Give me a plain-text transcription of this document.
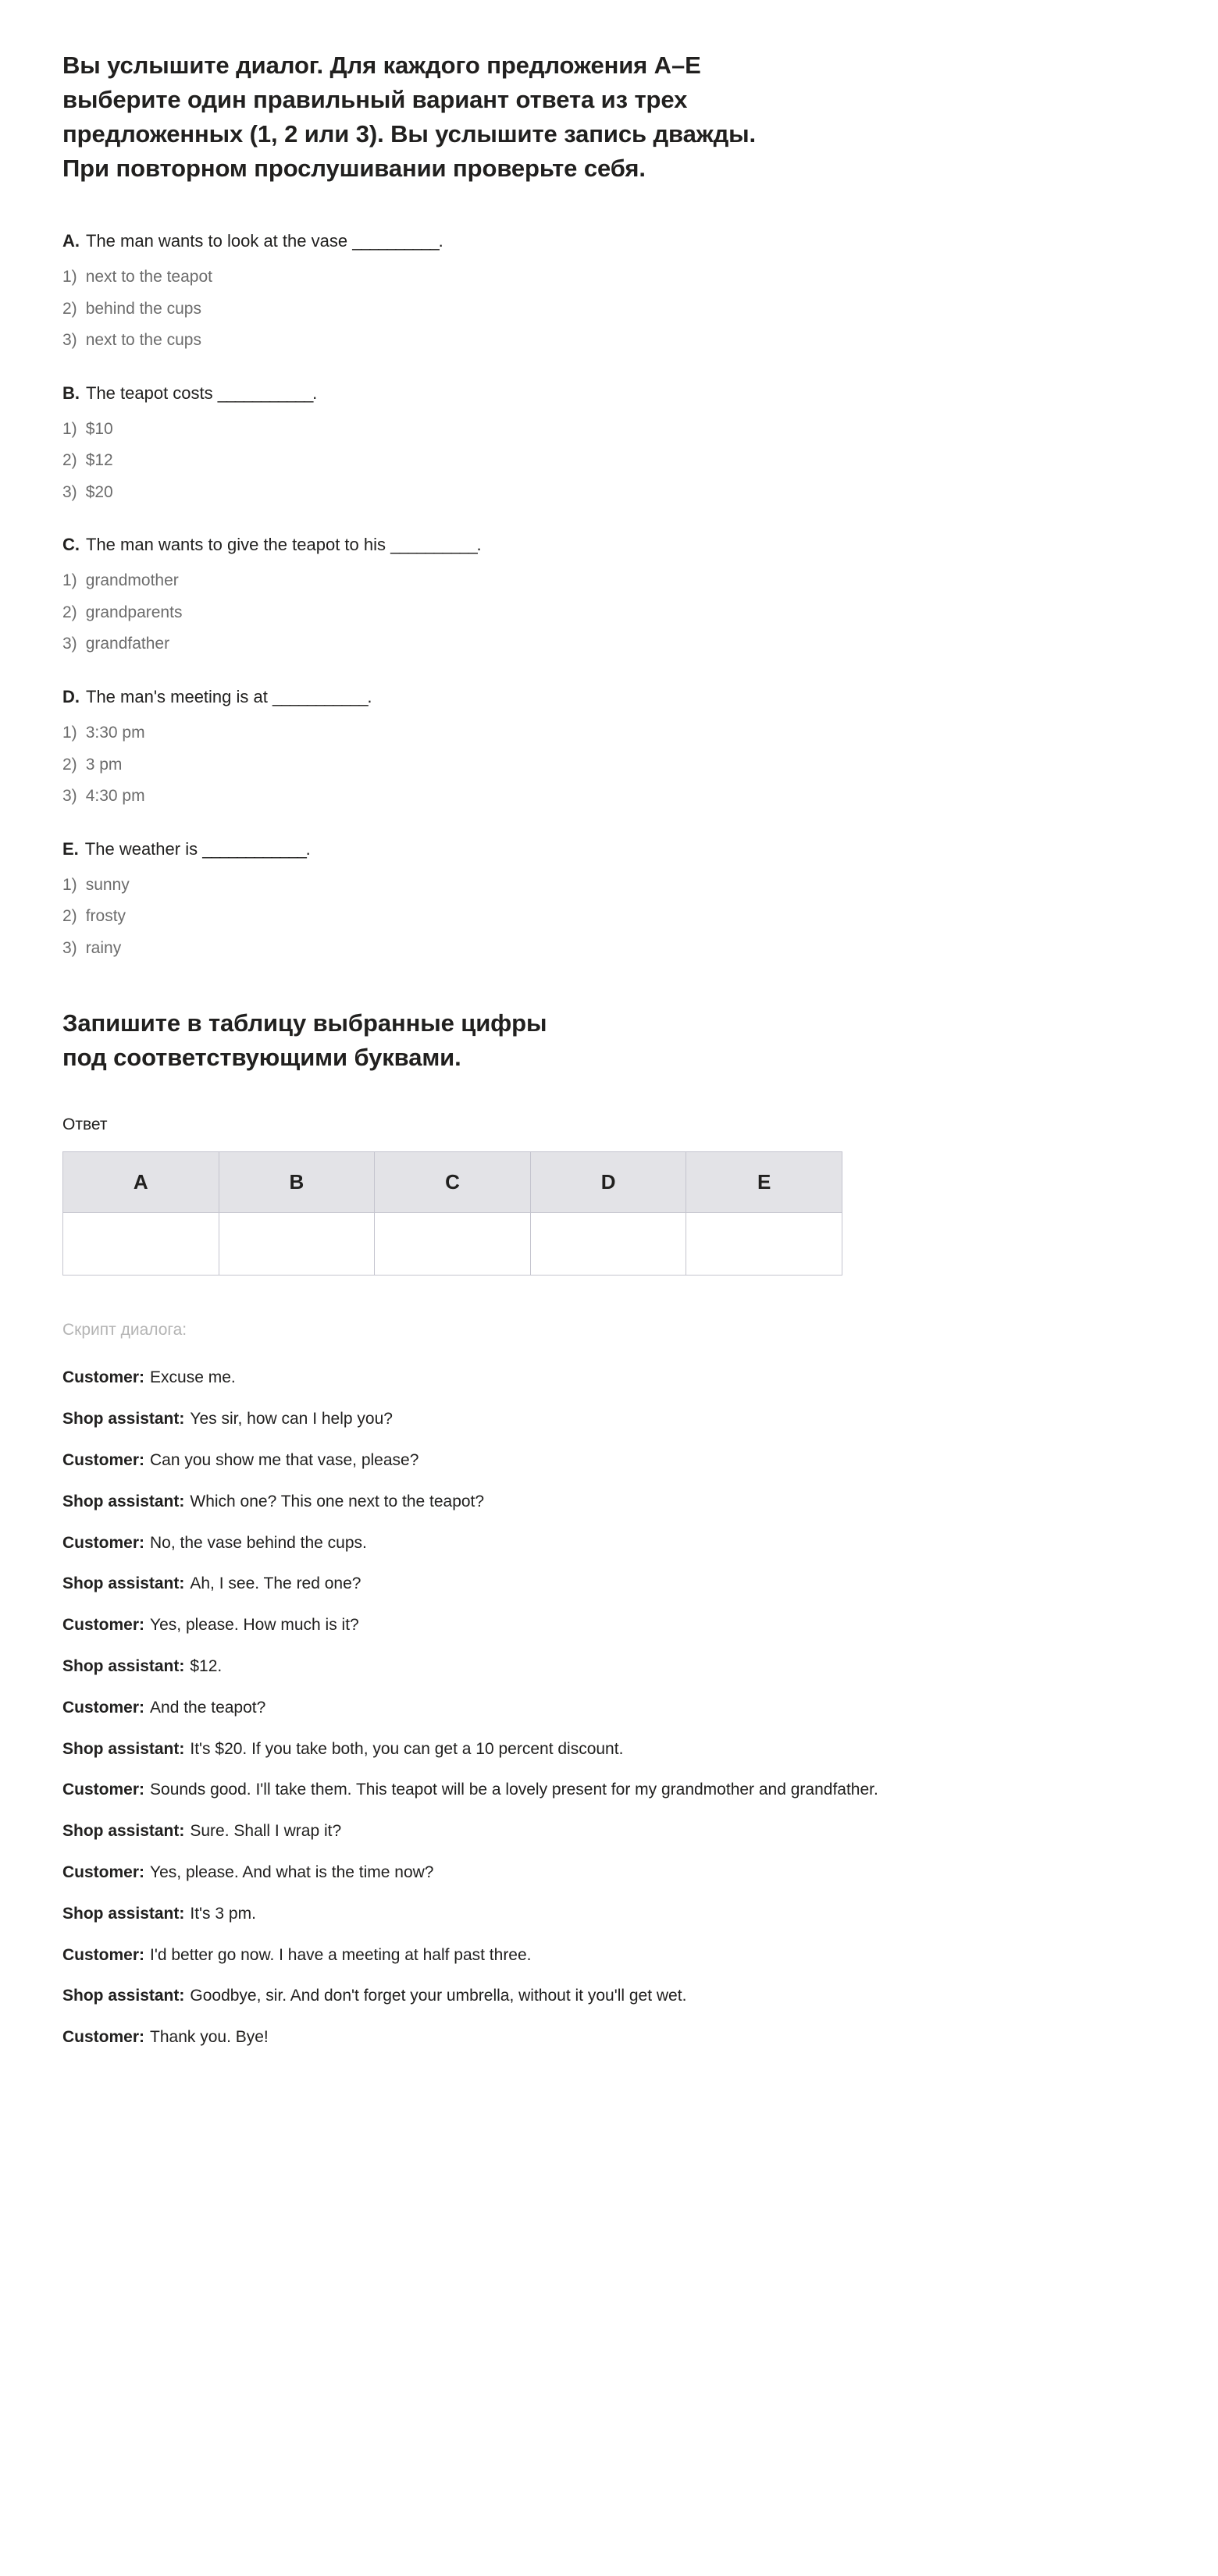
Вы услышите диалог. Для каждого предложения A–E
выберите один правильный вариант ответа из трех
предложенных (1, 2 или 3). Вы услышите запись дважды.
При повторном прослушивании проверьте себя.
A. The man wants to look at the vase __________.
1) next to the teapot
2) behind the cups
3) next to the cups
B. The teapot costs ___________.
1) $10
2) $12
3) $20
C. The man wants to give the teapot to his __________.
1) grandmother
2) grandparents
3) grandfather
D. The man's meeting is at ___________.
1) 3:30 pm
2) 3 pm
3) 4:30 pm
E. The weather is ____________.
1) sunny
2) frosty
3) rainy
Запишите в таблицу выбранные цифры
под соответствующими буквами.
Ответ
A	B	C	D	E

Скрипт диалога:
Customer: Excuse me.
Shop assistant: Yes sir, how can I help you?
Customer: Can you show me that vase, please?
Shop assistant: Which one? This one next to the teapot?
Customer: No, the vase behind the cups.
Shop assistant: Ah, I see. The red one?
Customer: Yes, please. How much is it?
Shop assistant: $12.
Customer: And the teapot?
Shop assistant: It's $20. If you take both, you can get a 10 percent discount.
Customer: Sounds good. I'll take them. This teapot will be a lovely present for my grandmother and grandfather.
Shop assistant: Sure. Shall I wrap it?
Customer: Yes, please. And what is the time now?
Shop assistant: It's 3 pm.
Customer: I'd better go now. I have a meeting at half past three.
Shop assistant: Goodbye, sir. And don't forget your umbrella, without it you'll get wet.
Customer: Thank you. Bye!
